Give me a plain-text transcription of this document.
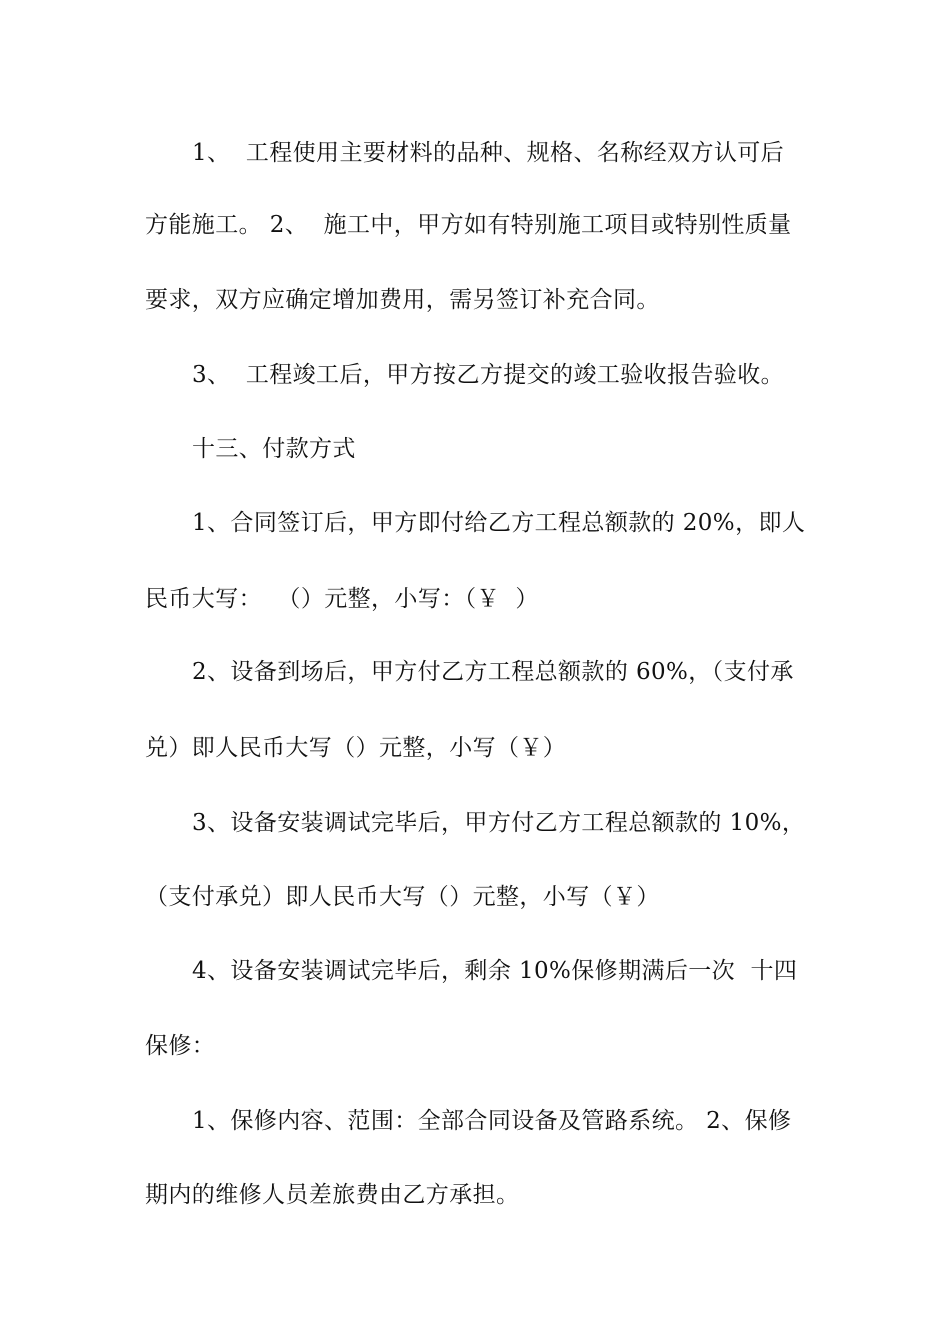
1、  工程使用主要材料的品种、规格、名称经双方认可后
方能施工。 2、  施工中，甲方如有特别施工项目或特别性质量
要求，双方应确定增加费用，需另签订补充合同。
3、  工程竣工后，甲方按乙方提交的竣工验收报告验收。
十三、付款方式
1、合同签订后，甲方即付给乙方工程总额款的 20%，即人
民币大写：  （）元整，小写：（￥  ）
2、设备到场后，甲方付乙方工程总额款的 60%，（支付承
兑）即人民币大写（）元整，小写（￥）
3、设备安装调试完毕后，甲方付乙方工程总额款的 10%，
（支付承兑）即人民币大写（）元整，小写（￥）
4、设备安装调试完毕后，剩余 10%保修期满后一次  十四
保修：
1、保修内容、范围：全部合同设备及管路系统。 2、保修
期内的维修人员差旅费由乙方承担。
